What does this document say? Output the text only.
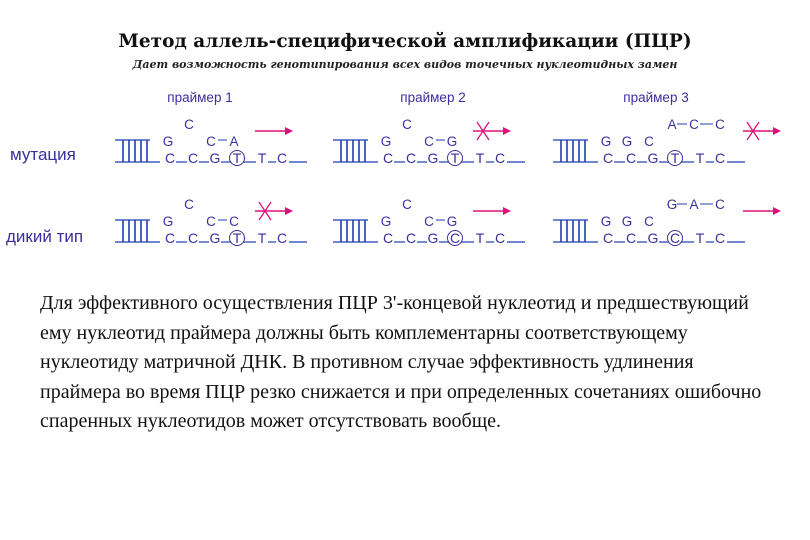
Метод аллель-специфической амплификации (ПЦР)
Дает возможность генотипирования всех видов точечных нуклеотидных замен
мутация
дикий тип
праймер 1	праймер 2	праймер 3
C C G T T C
G
C
C A
C C G T T C
G
C
C G
C C G T T C
G G C
A C C
C C G T T C
G
C
C C
C C G C T C
G
C
C G
C C G C T C
G G C
G A C
Для эффективного осуществления ПЦР 3'-концевой нуклеотид и предшествующий ему нуклеотид праймера должны быть комплементарны соответствующему нуклеотиду матричной ДНК. В противном случае эффективность удлинения праймера во время ПЦР резко снижается и при определенных сочетаниях ошибочно спаренных нуклеотидов может отсутствовать вообще.
